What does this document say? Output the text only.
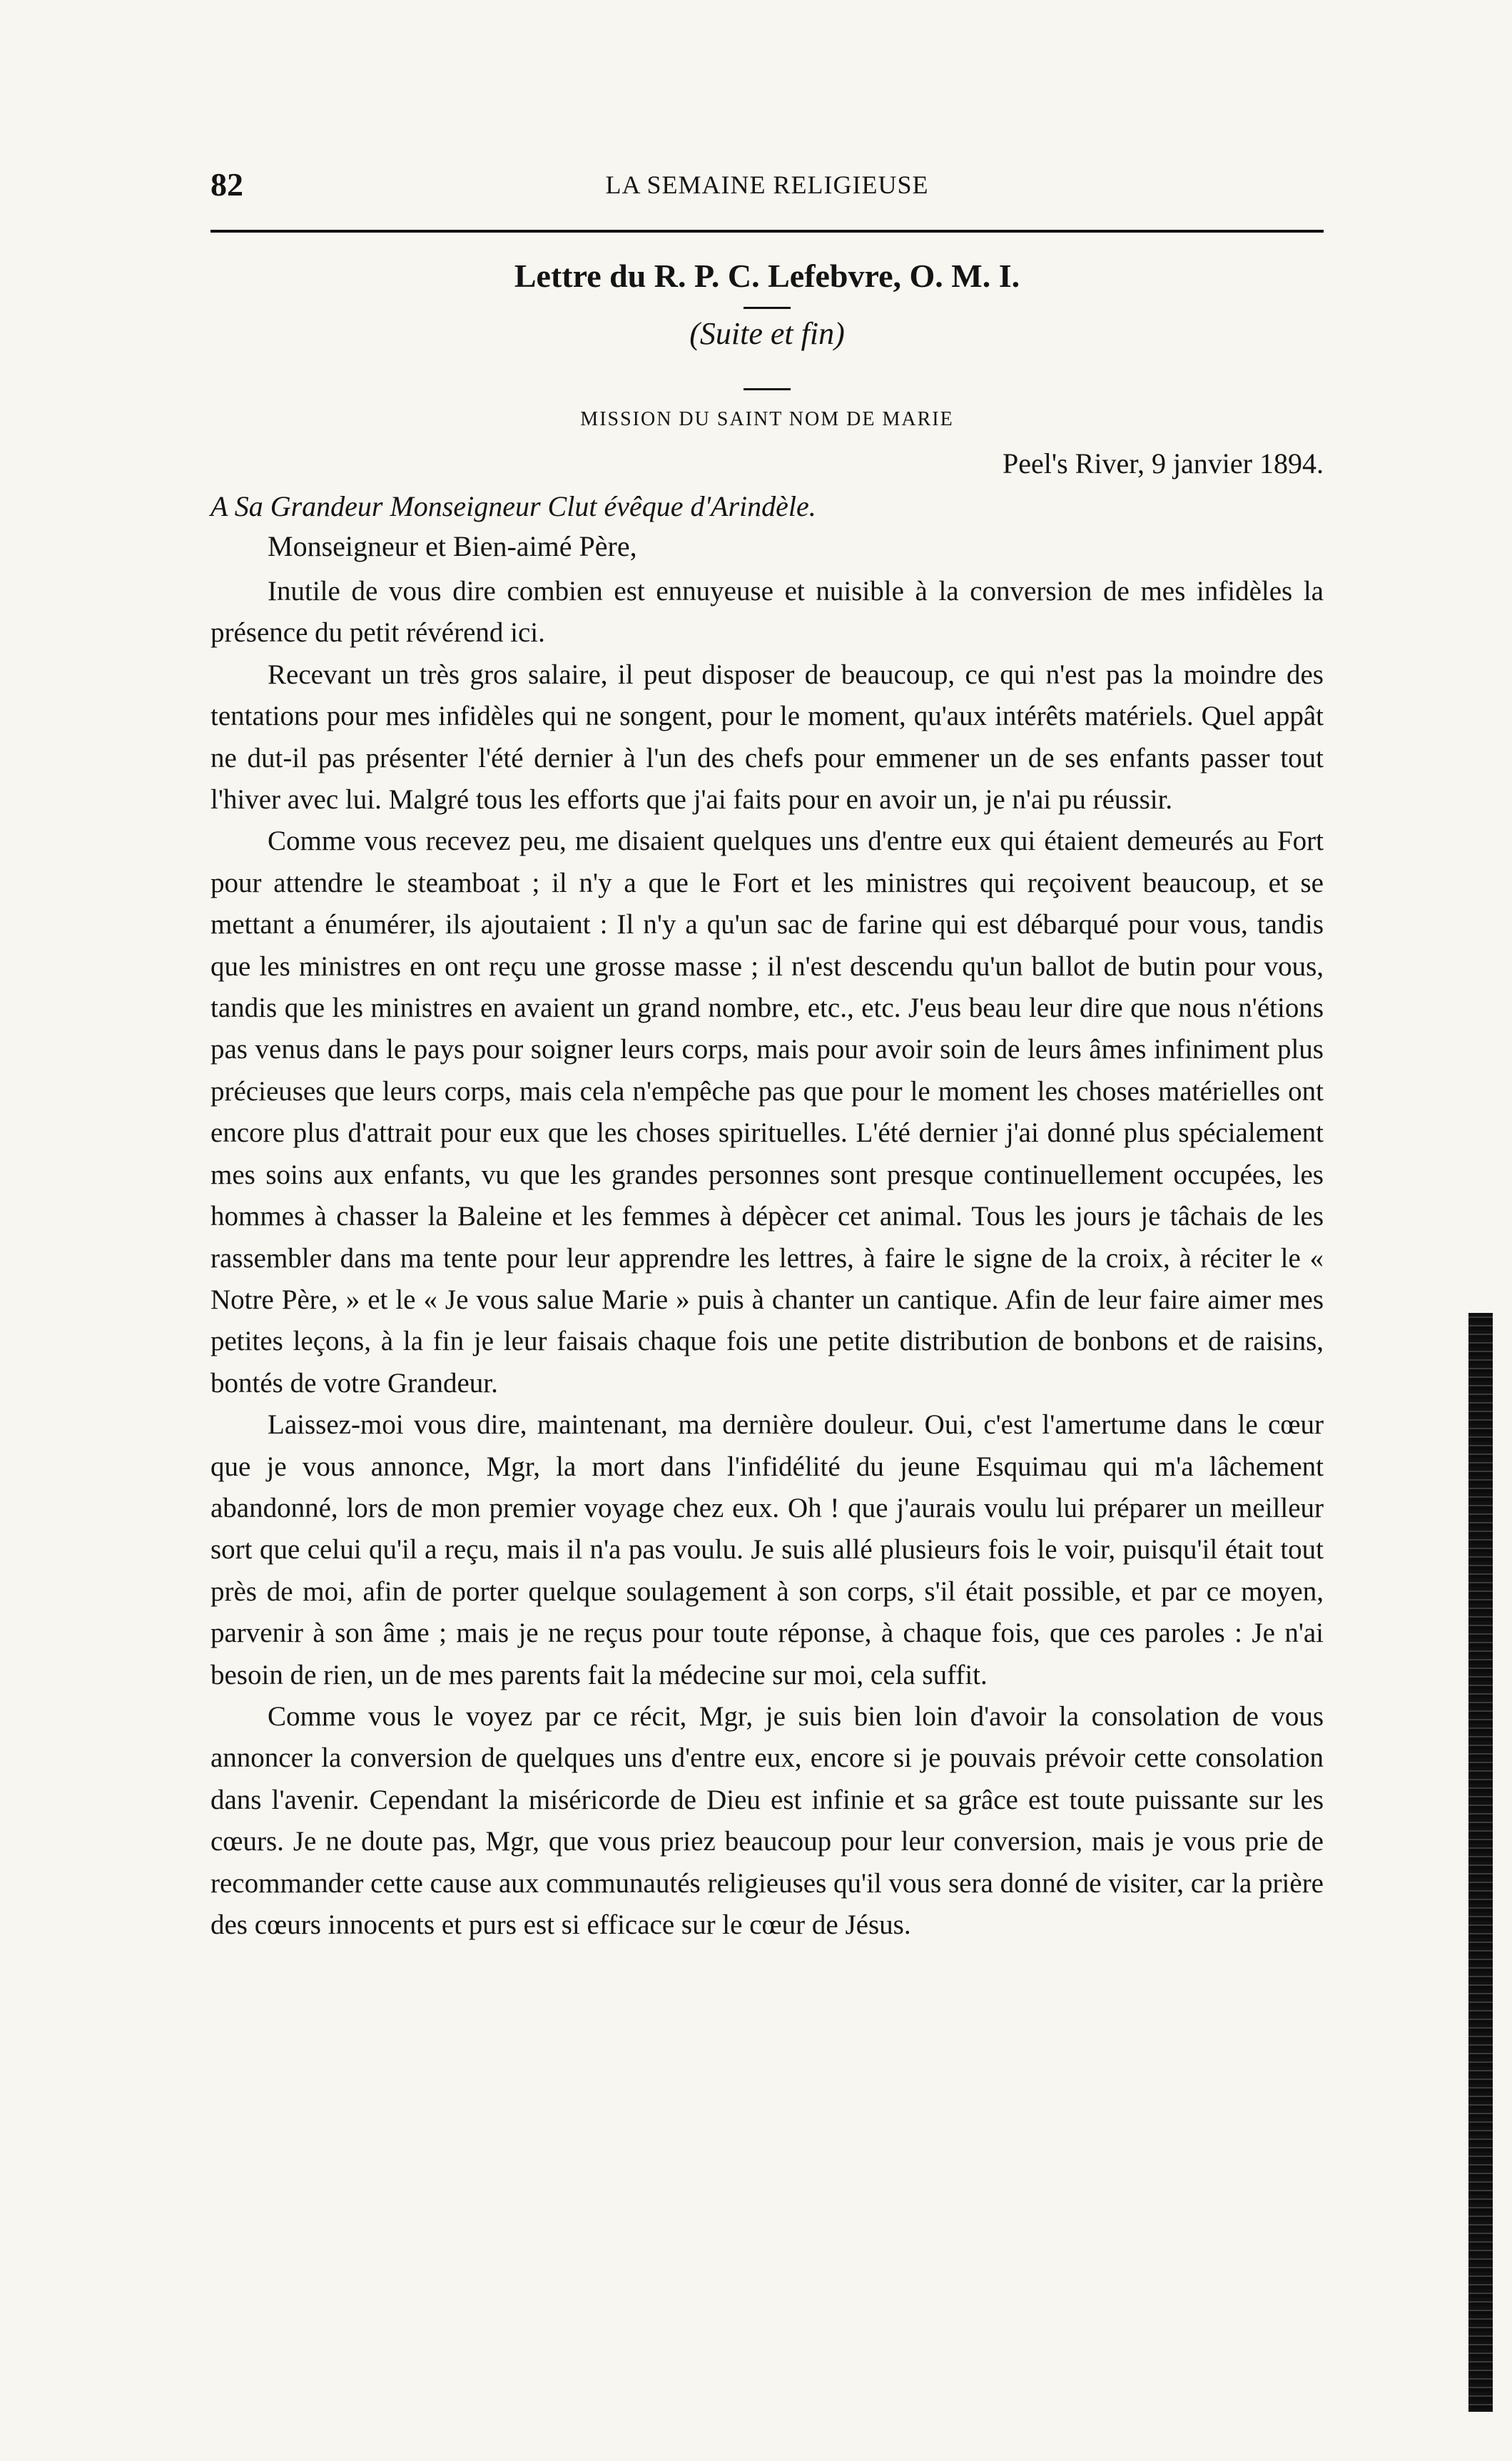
82	LA SEMAINE RELIGIEUSE
Lettre du R. P. C. Lefebvre, O. M. I.
(Suite et fin)
MISSION DU SAINT NOM DE MARIE
Peel's River, 9 janvier 1894.
A Sa Grandeur Monseigneur Clut évêque d'Arindèle.
Monseigneur et Bien-aimé Père,

Inutile de vous dire combien est ennuyeuse et nuisible à la conversion de mes infidèles la présence du petit révérend ici.

Recevant un très gros salaire, il peut disposer de beaucoup, ce qui n'est pas la moindre des tentations pour mes infidèles qui ne songent, pour le moment, qu'aux intérêts matériels. Quel appât ne dut-il pas présenter l'été dernier à l'un des chefs pour emmener un de ses enfants passer tout l'hiver avec lui. Malgré tous les efforts que j'ai faits pour en avoir un, je n'ai pu réussir.

Comme vous recevez peu, me disaient quelques uns d'entre eux qui étaient demeurés au Fort pour attendre le steamboat ; il n'y a que le Fort et les ministres qui reçoivent beaucoup, et se mettant a énumérer, ils ajoutaient : Il n'y a qu'un sac de farine qui est débarqué pour vous, tandis que les ministres en ont reçu une grosse masse ; il n'est descendu qu'un ballot de butin pour vous, tandis que les ministres en avaient un grand nombre, etc., etc. J'eus beau leur dire que nous n'étions pas venus dans le pays pour soigner leurs corps, mais pour avoir soin de leurs âmes infiniment plus précieuses que leurs corps, mais cela n'empêche pas que pour le moment les choses matérielles ont encore plus d'attrait pour eux que les choses spirituelles. L'été dernier j'ai donné plus spécialement mes soins aux enfants, vu que les grandes personnes sont presque continuellement occupées, les hommes à chasser la Baleine et les femmes à dépècer cet animal. Tous les jours je tâchais de les rassembler dans ma tente pour leur apprendre les lettres, à faire le signe de la croix, à réciter le « Notre Père, » et le « Je vous salue Marie » puis à chanter un cantique. Afin de leur faire aimer mes petites leçons, à la fin je leur faisais chaque fois une petite distribution de bonbons et de raisins, bontés de votre Grandeur.

Laissez-moi vous dire, maintenant, ma dernière douleur. Oui, c'est l'amertume dans le cœur que je vous annonce, Mgr, la mort dans l'infidélité du jeune Esquimau qui m'a lâchement abandonné, lors de mon premier voyage chez eux. Oh ! que j'aurais voulu lui préparer un meilleur sort que celui qu'il a reçu, mais il n'a pas voulu. Je suis allé plusieurs fois le voir, puisqu'il était tout près de moi, afin de porter quelque soulagement à son corps, s'il était possible, et par ce moyen, parvenir à son âme ; mais je ne reçus pour toute réponse, à chaque fois, que ces paroles : Je n'ai besoin de rien, un de mes parents fait la médecine sur moi, cela suffit.

Comme vous le voyez par ce récit, Mgr, je suis bien loin d'avoir la consolation de vous annoncer la conversion de quelques uns d'entre eux, encore si je pouvais prévoir cette consolation dans l'avenir. Cependant la miséricorde de Dieu est infinie et sa grâce est toute puissante sur les cœurs. Je ne doute pas, Mgr, que vous priez beaucoup pour leur conversion, mais je vous prie de recommander cette cause aux communautés religieuses qu'il vous sera donné de visiter, car la prière des cœurs innocents et purs est si efficace sur le cœur de Jésus.
